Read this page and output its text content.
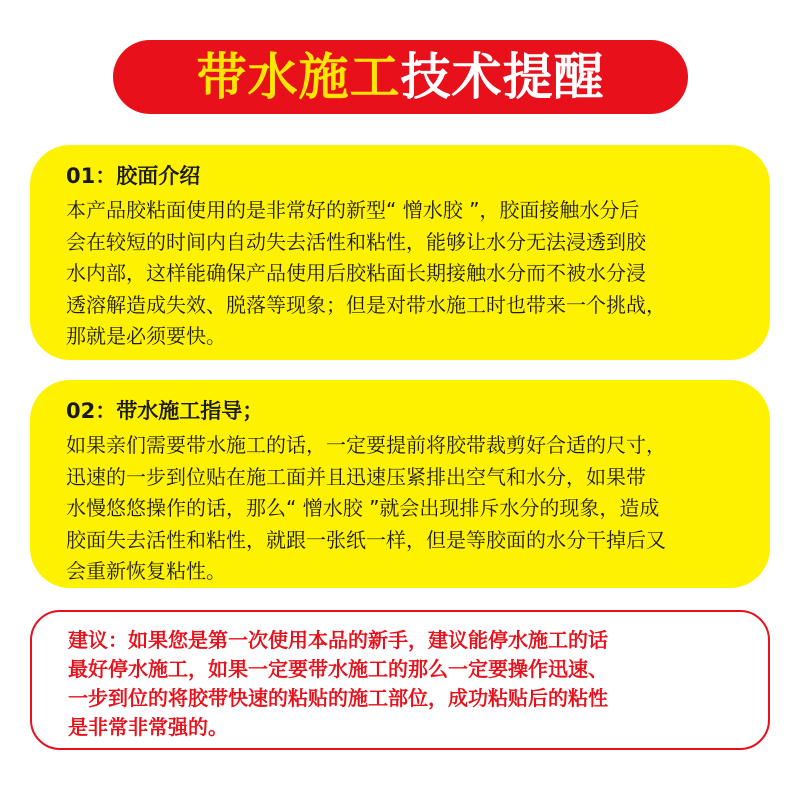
带水施工技术提醒

01：胶面介绍

本产品胶粘面使用的是非常好的新型“ 憎水胶 ”，胶面接触水分后

会在较短的时间内自动失去活性和粘性，能够让水分无法浸透到胶

水内部，这样能确保产品使用后胶粘面长期接触水分而不被水分浸

透溶解造成失效、脱落等现象；但是对带水施工时也带来一个挑战，

那就是必须要快。

02：带水施工指导；

如果亲们需要带水施工的话，一定要提前将胶带裁剪好合适的尺寸，

迅速的一步到位贴在施工面并且迅速压紧排出空气和水分，如果带

水慢悠悠操作的话，那么“ 憎水胶 ”就会出现排斥水分的现象，造成

胶面失去活性和粘性，就跟一张纸一样，但是等胶面的水分干掉后又

会重新恢复粘性。

建议：如果您是第一次使用本品的新手，建议能停水施工的话

最好停水施工，如果一定要带水施工的那么一定要操作迅速、

一步到位的将胶带快速的粘贴的施工部位，成功粘贴后的粘性

是非常非常强的。
